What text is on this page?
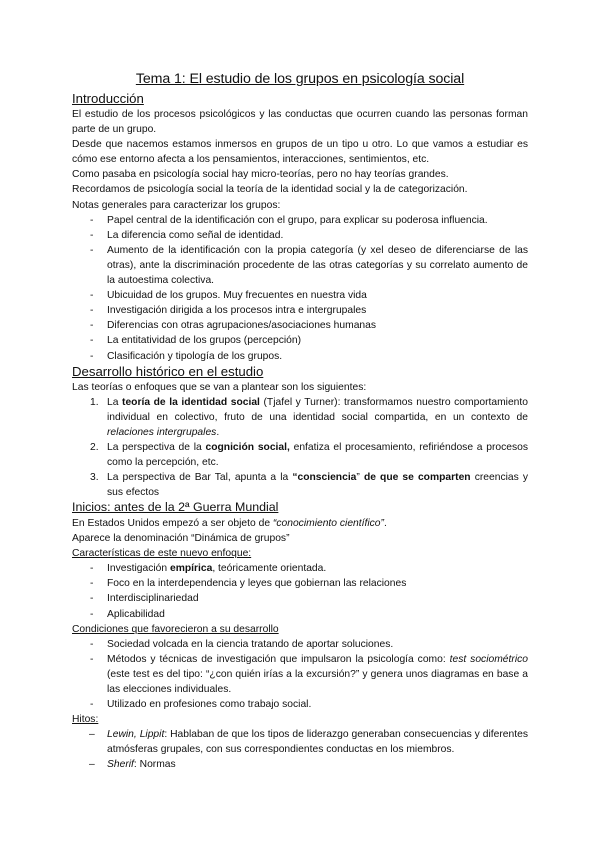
Tema 1: El estudio de los grupos en psicología social
Introducción
El estudio de los procesos psicológicos y las conductas que ocurren cuando las personas forman parte de un grupo.
Desde que nacemos estamos inmersos en grupos de un tipo u otro. Lo que vamos a estudiar es cómo ese entorno afecta a los pensamientos, interacciones, sentimientos, etc.
Como pasaba en psicología social hay micro-teorías, pero no hay teorías grandes.
Recordamos de psicología social la teoría de la identidad social y la de categorización.
Notas generales para caracterizar los grupos:
- Papel central de la identificación con el grupo, para explicar su poderosa influencia.
- La diferencia como señal de identidad.
- Aumento de la identificación con la propia categoría (y xel deseo de diferenciarse de las otras), ante la discriminación procedente de las otras categorías y su correlato aumento de la autoestima colectiva.
- Ubicuidad de los grupos. Muy frecuentes en nuestra vida
- Investigación dirigida a los procesos intra e intergrupales
- Diferencias con otras agrupaciones/asociaciones humanas
- La entitatividad de los grupos (percepción)
- Clasificación y tipología de los grupos.
Desarrollo histórico en el estudio
Las teorías o enfoques que se van a plantear son los siguientes:
1. La teoría de la identidad social (Tjafel y Turner): transformamos nuestro comportamiento individual en colectivo, fruto de una identidad social compartida, en un contexto de relaciones intergrupales.
2. La perspectiva de la cognición social, enfatiza el procesamiento, refiriéndose a procesos como la percepción, etc.
3. La perspectiva de Bar Tal, apunta a la “consciencia” de que se comparten creencias y sus efectos
Inicios: antes de la 2ª Guerra Mundial
En Estados Unidos empezó a ser objeto de “conocimiento científico”.
Aparece la denominación “Dinámica de grupos”
Características de este nuevo enfoque:
- Investigación empírica, teóricamente orientada.
- Foco en la interdependencia y leyes que gobiernan las relaciones
- Interdisciplinariedad
- Aplicabilidad
Condiciones que favorecieron a su desarrollo
- Sociedad volcada en la ciencia tratando de aportar soluciones.
- Métodos y técnicas de investigación que impulsaron la psicología como: test sociométrico (este test es del tipo: “¿con quién irías a la excursión?” y genera unos diagramas en base a las elecciones individuales.
- Utilizado en profesiones como trabajo social.
Hitos:
– Lewin, Lippit: Hablaban de que los tipos de liderazgo generaban consecuencias y diferentes atmósferas grupales, con sus correspondientes conductas en los miembros.
– Sherif: Normas
